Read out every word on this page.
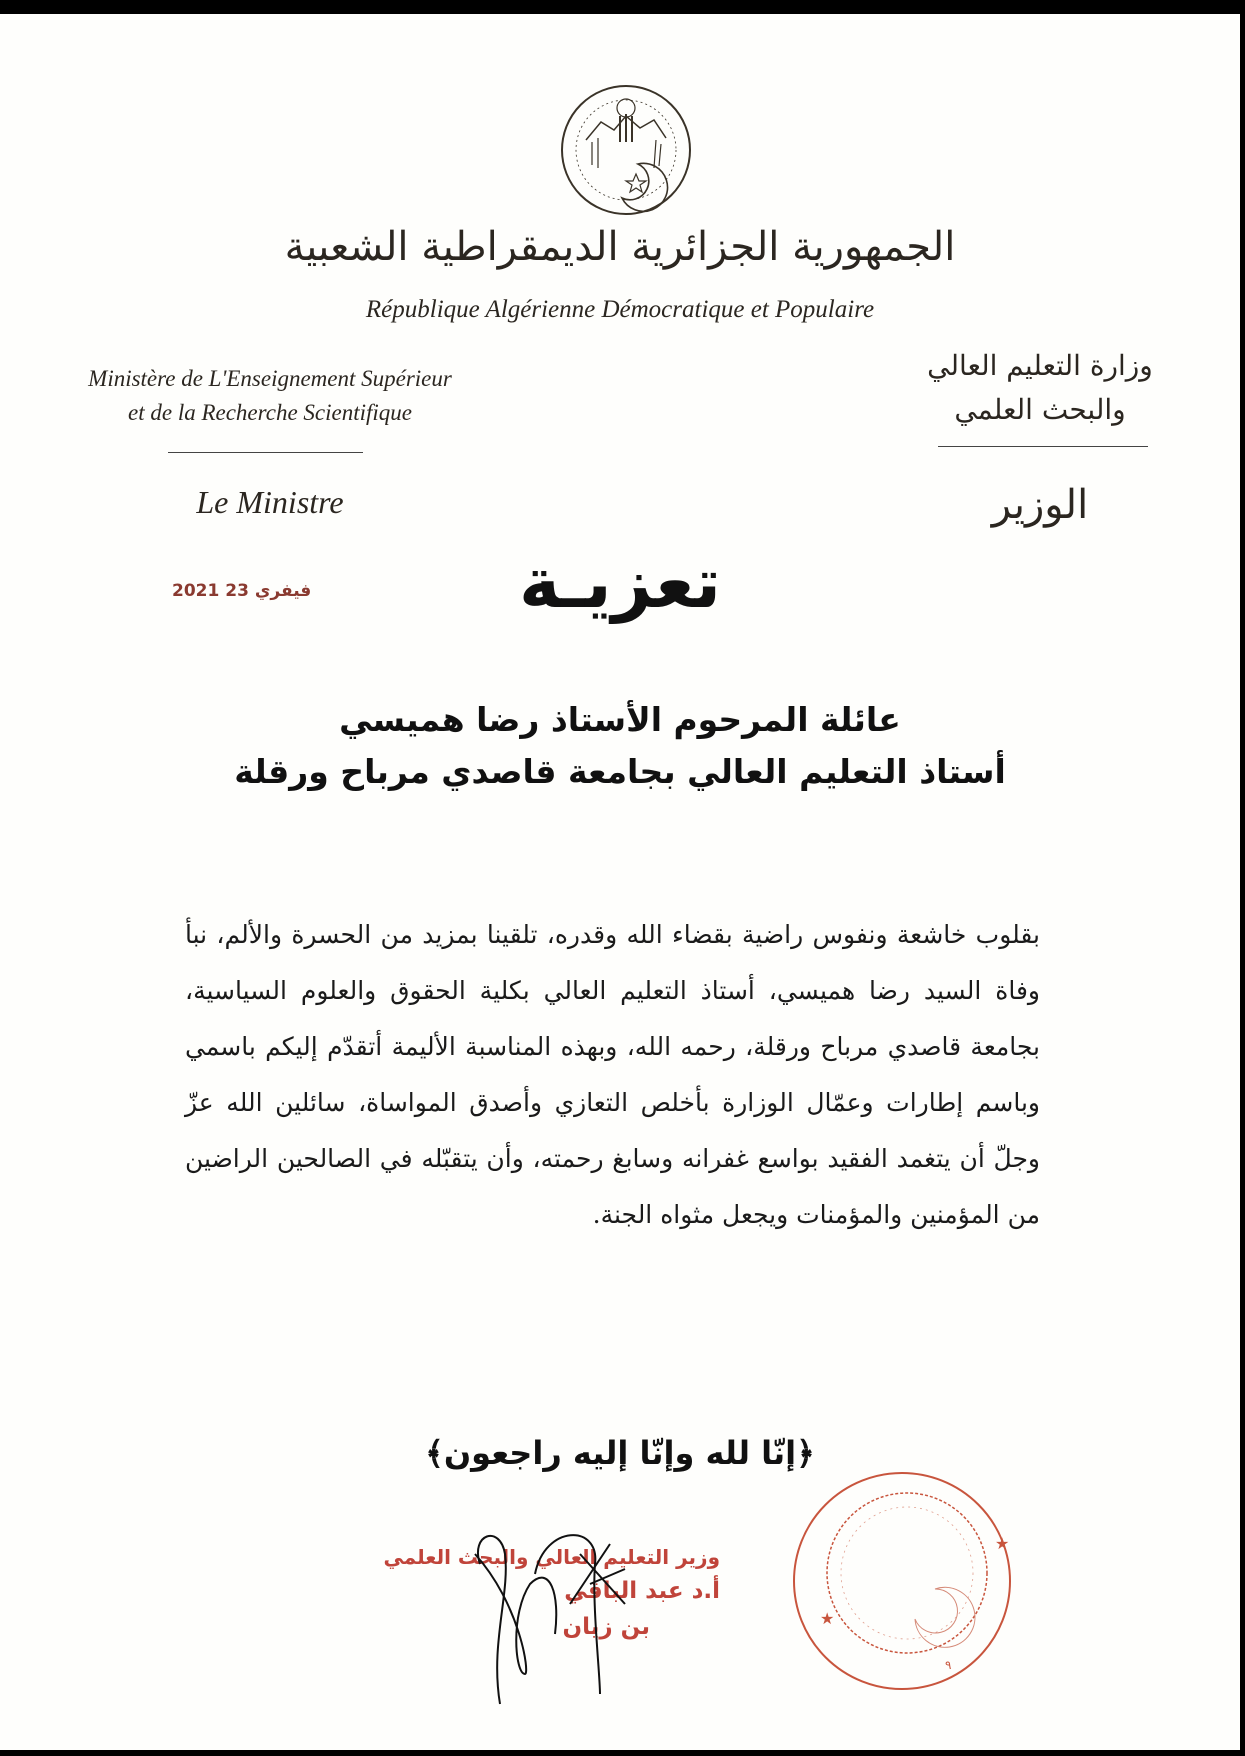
الجمهورية الجزائرية الديمقراطية الشعبية
République Algérienne Démocratique et Populaire
Ministère de L'Enseignement Supérieur
et de la Recherche Scientifique
Le Ministre
وزارة التعليم العالي
والبحث العلمي
الوزير
2021 فيفري 23	تعزيـة
عائلة المرحوم الأستاذ رضا هميسي
أستاذ التعليم العالي بجامعة قاصدي مرباح ورقلة
بقلوب خاشعة ونفوس راضية بقضاء الله وقدره، تلقينا بمزيد من الحسرة والألم، نبأ وفاة السيد رضا هميسي، أستاذ التعليم العالي بكلية الحقوق والعلوم السياسية، بجامعة قاصدي مرباح ورقلة، رحمه الله، وبهذه المناسبة الأليمة أتقدّم إليكم باسمي وباسم إطارات وعمّال الوزارة بأخلص التعازي وأصدق المواساة، سائلين الله عزّ وجلّ أن يتغمد الفقيد بواسع غفرانه وسابغ رحمته، وأن يتقبّله في الصالحين الراضين من المؤمنين والمؤمنات ويجعل مثواه الجنة.
﴿إنّا لله وإنّا إليه راجعون﴾
وزير التعليم العالي والبحث العلمي
أ.د عبد الباقي
بن زيان
★
★
٩
